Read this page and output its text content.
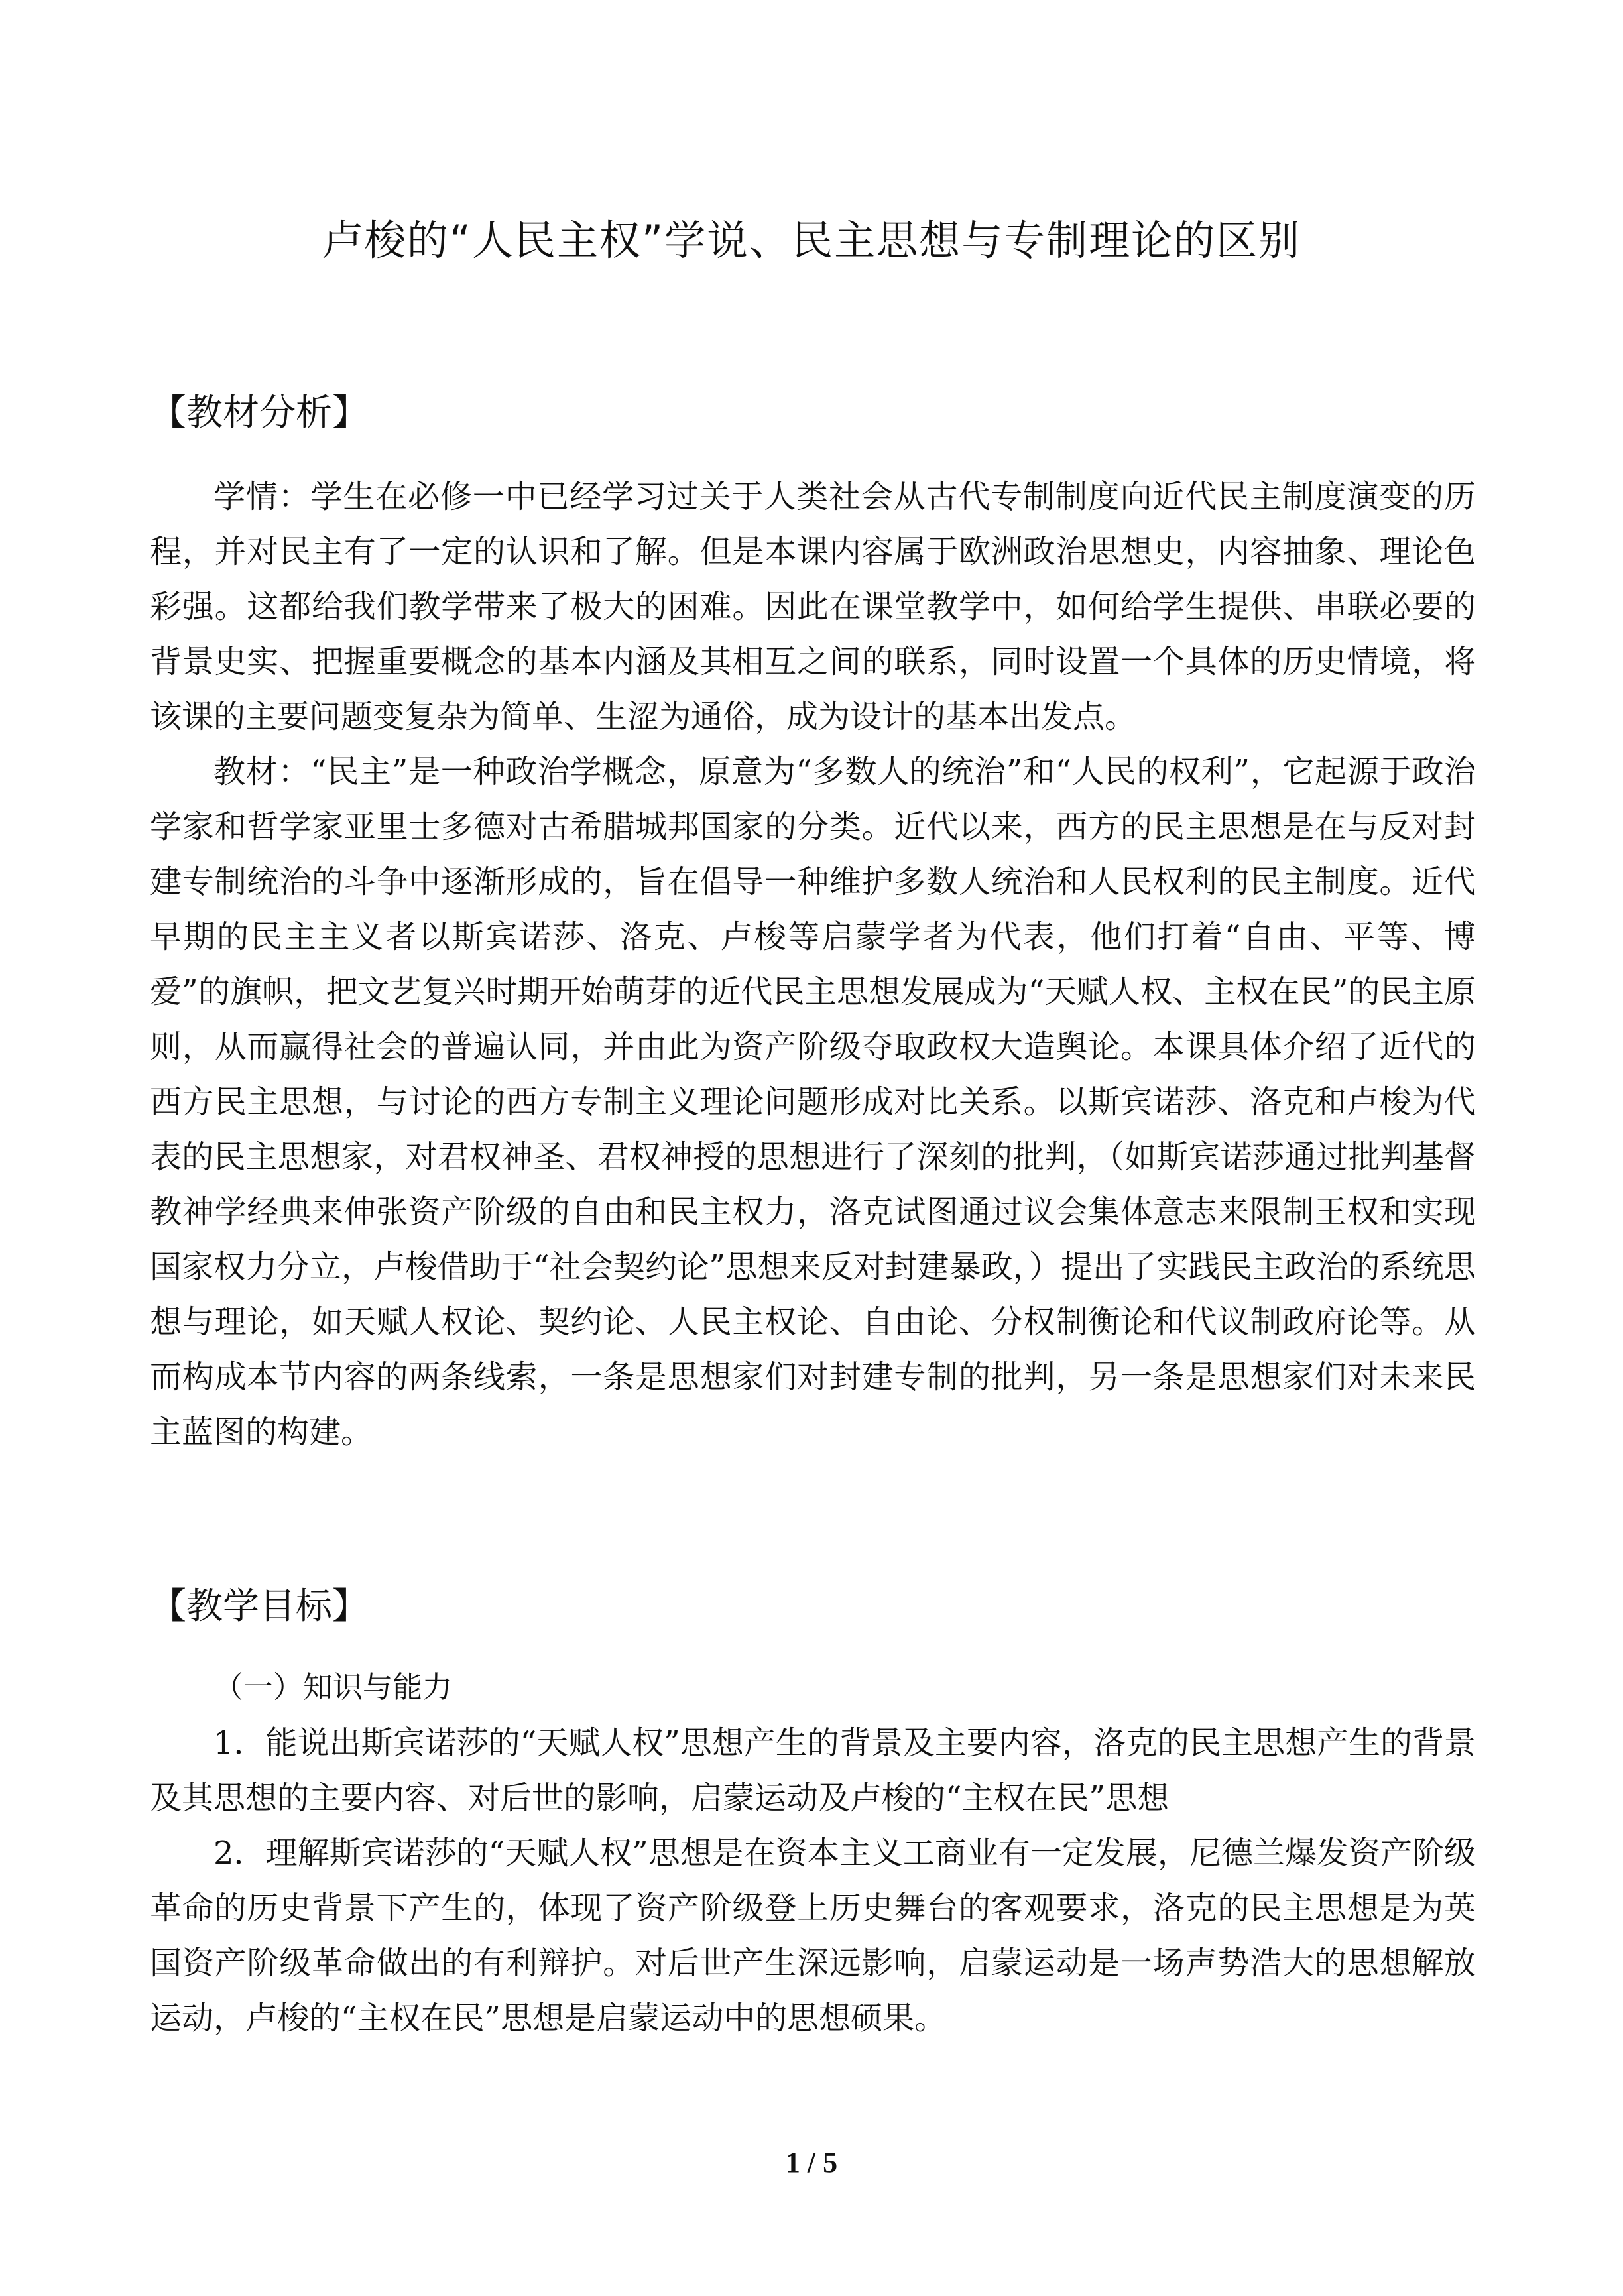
卢梭的“人民主权”学说、民主思想与专制理论的区别
【教材分析】

学情：学生在必修一中已经学习过关于人类社会从古代专制制度向近代民主制度演变的历程，并对民主有了一定的认识和了解。但是本课内容属于欧洲政治思想史，内容抽象、理论色彩强。这都给我们教学带来了极大的困难。因此在课堂教学中，如何给学生提供、串联必要的背景史实、把握重要概念的基本内涵及其相互之间的联系，同时设置一个具体的历史情境，将该课的主要问题变复杂为简单、生涩为通俗，成为设计的基本出发点。

教材：“民主”是一种政治学概念，原意为“多数人的统治”和“人民的权利”，它起源于政治学家和哲学家亚里士多德对古希腊城邦国家的分类。近代以来，西方的民主思想是在与反对封建专制统治的斗争中逐渐形成的，旨在倡导一种维护多数人统治和人民权利的民主制度。近代早期的民主主义者以斯宾诺莎、洛克、卢梭等启蒙学者为代表，他们打着“自由、平等、博爱”的旗帜，把文艺复兴时期开始萌芽的近代民主思想发展成为“天赋人权、主权在民”的民主原则，从而赢得社会的普遍认同，并由此为资产阶级夺取政权大造舆论。本课具体介绍了近代的西方民主思想，与讨论的西方专制主义理论问题形成对比关系。以斯宾诺莎、洛克和卢梭为代表的民主思想家，对君权神圣、君权神授的思想进行了深刻的批判，（如斯宾诺莎通过批判基督教神学经典来伸张资产阶级的自由和民主权力，洛克试图通过议会集体意志来限制王权和实现国家权力分立，卢梭借助于“社会契约论”思想来反对封建暴政，）提出了实践民主政治的系统思想与理论，如天赋人权论、契约论、人民主权论、自由论、分权制衡论和代议制政府论等。从而构成本节内容的两条线索，一条是思想家们对封建专制的批判，另一条是思想家们对未来民主蓝图的构建。

【教学目标】
（一）知识与能力

1．能说出斯宾诺莎的“天赋人权”思想产生的背景及主要内容，洛克的民主思想产生的背景及其思想的主要内容、对后世的影响，启蒙运动及卢梭的“主权在民”思想

2．理解斯宾诺莎的“天赋人权”思想是在资本主义工商业有一定发展，尼德兰爆发资产阶级革命的历史背景下产生的，体现了资产阶级登上历史舞台的客观要求，洛克的民主思想是为英国资产阶级革命做出的有利辩护。对后世产生深远影响，启蒙运动是一场声势浩大的思想解放运动，卢梭的“主权在民”思想是启蒙运动中的思想硕果。

1 / 5
